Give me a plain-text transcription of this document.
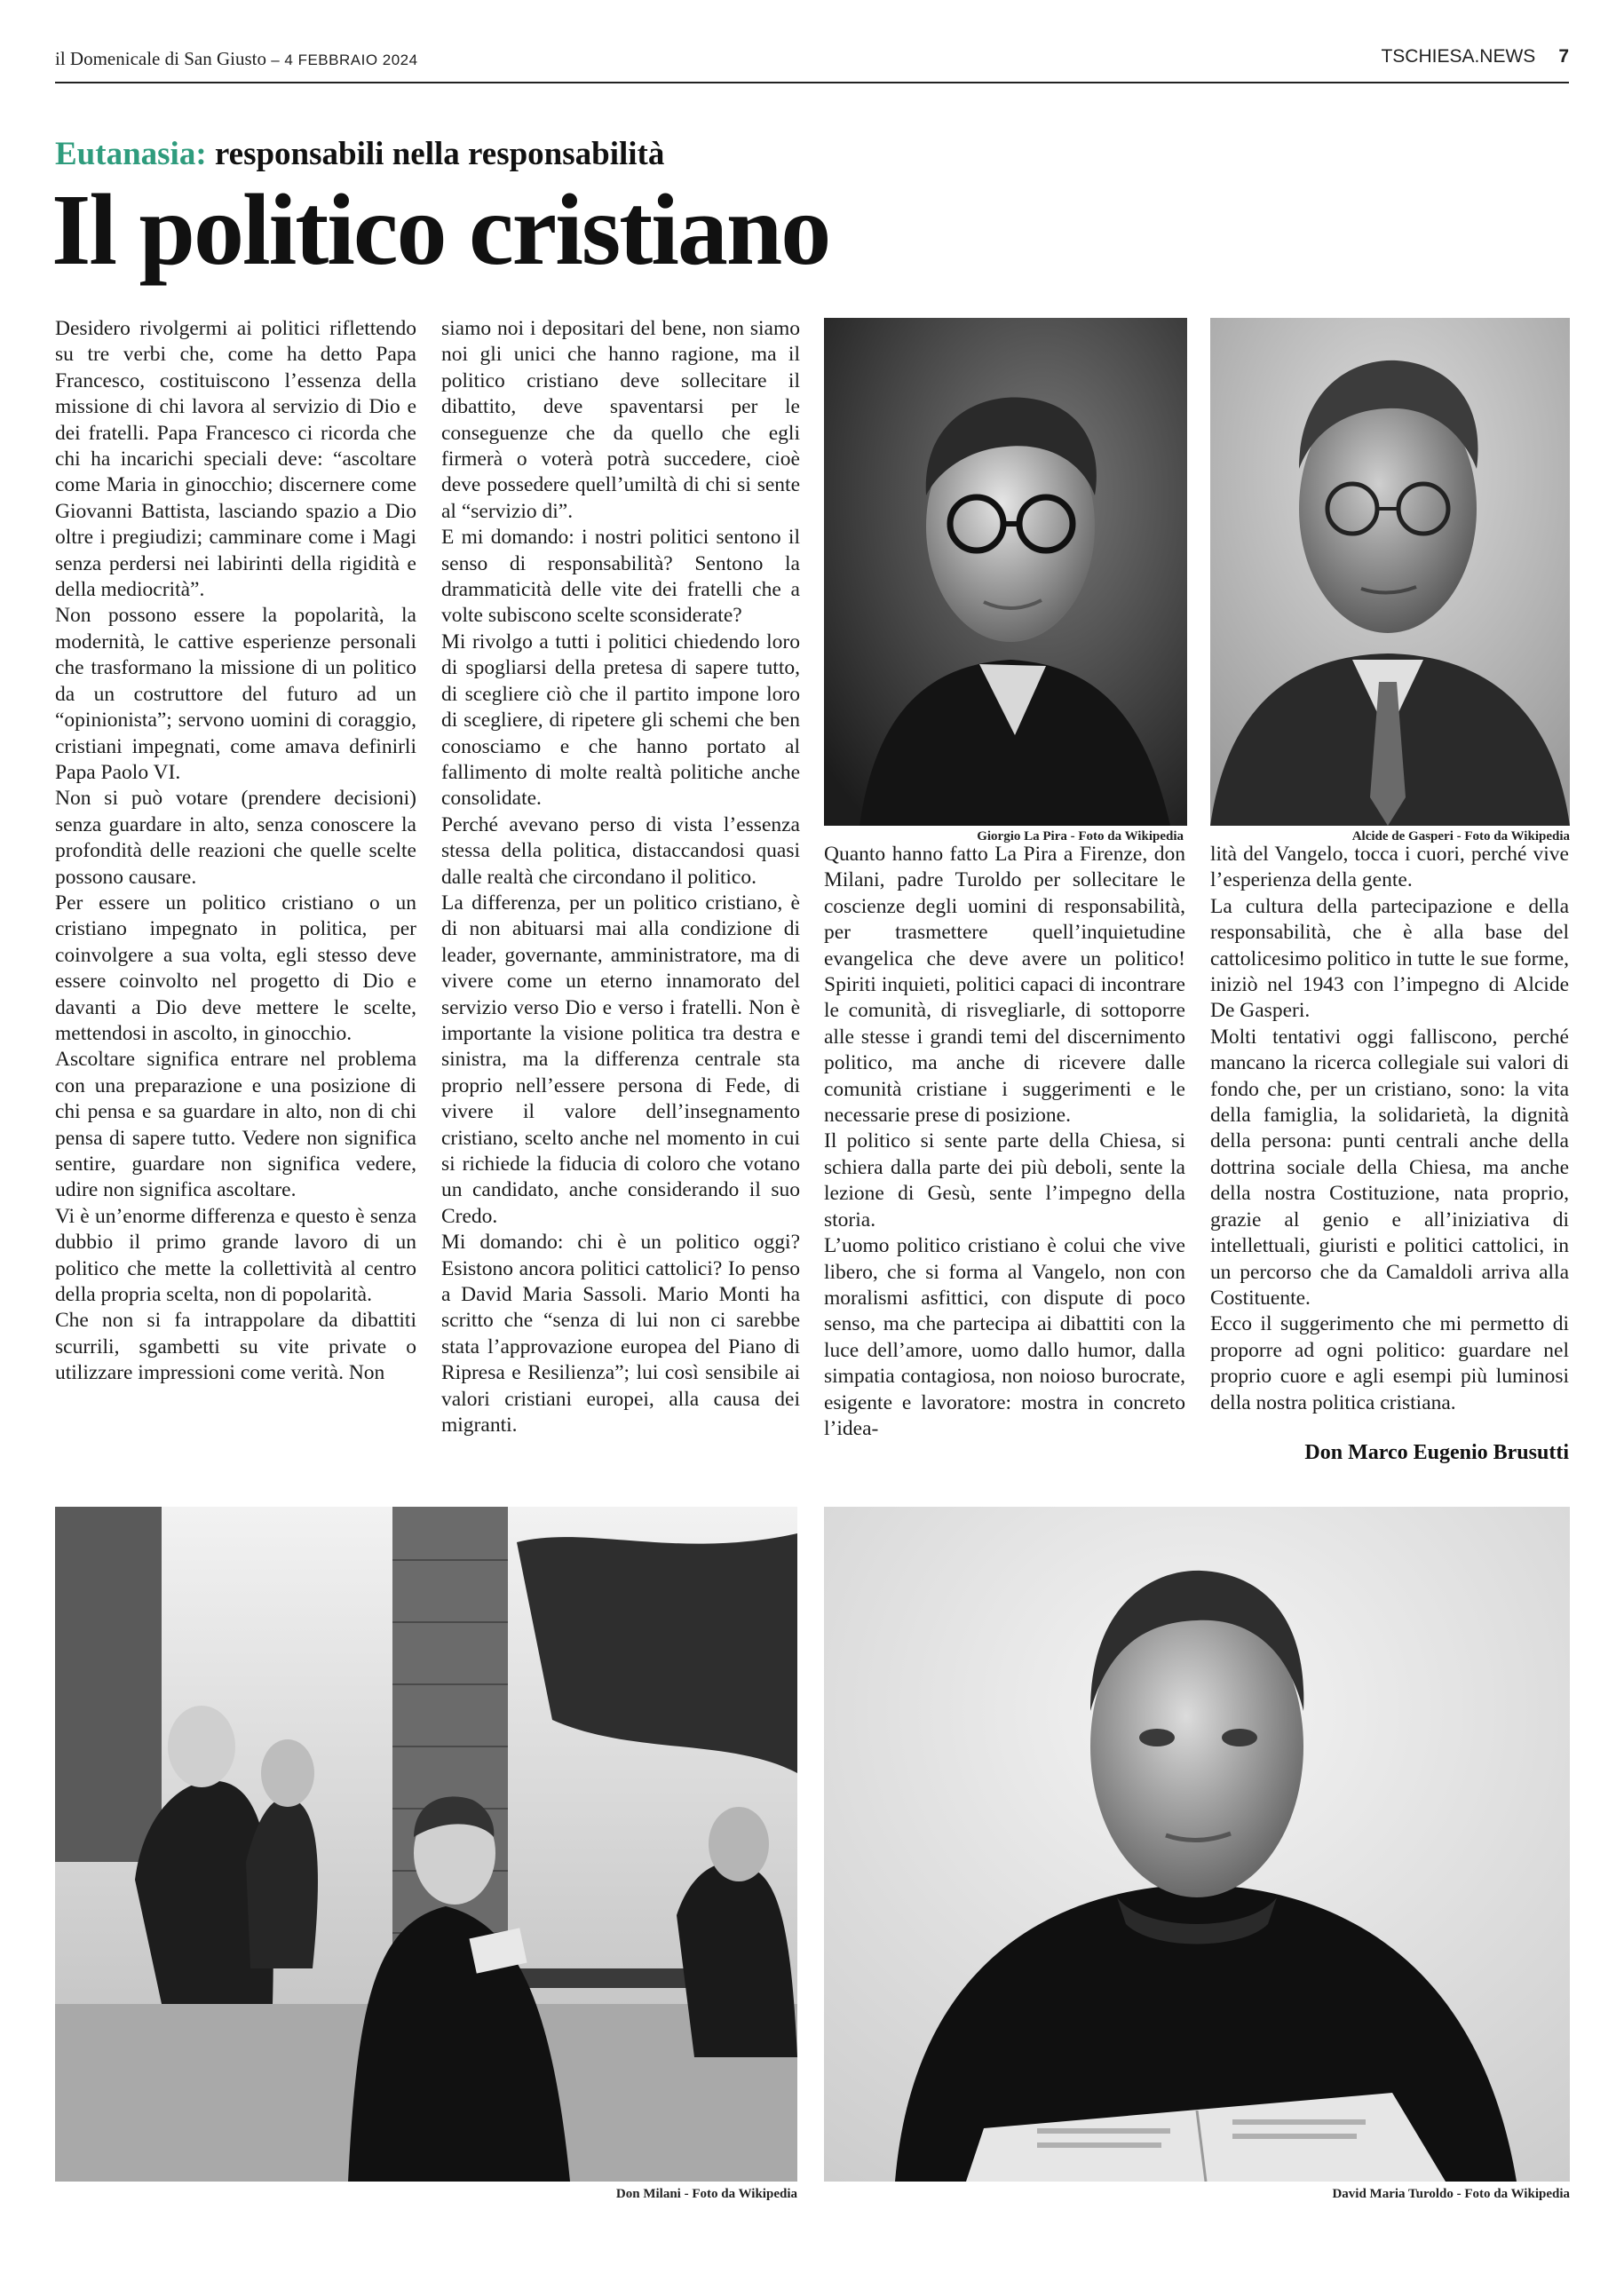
il Domenicale di San Giusto – 4 FEBBRAIO 2024	TSCHIESA.NEWS 7
Eutanasia: responsabili nella responsabilità
Il politico cristiano

Desidero rivolgermi ai politici riflettendo su tre verbi che, come ha detto Papa Francesco, costituiscono l’essenza della missione di chi lavora al servizio di Dio e dei fratelli. Papa Francesco ci ricorda che chi ha incarichi speciali deve: “ascoltare come Maria in ginocchio; discernere come Giovanni Battista, lasciando spazio a Dio oltre i pregiudizi; camminare come i Magi senza perdersi nei labirinti della rigidità e della mediocrità”.

Non possono essere la popolarità, la modernità, le cattive esperienze personali che trasformano la missione di un politico da un costruttore del futuro ad un “opinionista”; servono uomini di coraggio, cristiani impegnati, come amava definirli Papa Paolo VI.

Non si può votare (prendere decisioni) senza guardare in alto, senza conoscere la profondità delle reazioni che quelle scelte possono causare.

Per essere un politico cristiano o un cristiano impegnato in politica, per coinvolgere a sua volta, egli stesso deve essere coinvolto nel progetto di Dio e davanti a Dio deve mettere le scelte, mettendosi in ascolto, in ginocchio.

Ascoltare significa entrare nel problema con una preparazione e una posizione di chi pensa e sa guardare in alto, non di chi pensa di sapere tutto. Vedere non significa sentire, guardare non significa vedere, udire non significa ascoltare.

Vi è un’enorme differenza e questo è senza dubbio il primo grande lavoro di un politico che mette la collettività al centro della propria scelta, non di popolarità.

Che non si fa intrappolare da dibattiti scurrili, sgambetti su vite private o utilizzare impressioni come verità. Non

siamo noi i depositari del bene, non siamo noi gli unici che hanno ragione, ma il politico cristiano deve sollecitare il dibattito, deve spaventarsi per le conseguenze che da quello che egli firmerà o voterà potrà succedere, cioè deve possedere quell’umiltà di chi si sente al “servizio di”.

E mi domando: i nostri politici sentono il senso di responsabilità? Sentono la drammaticità delle vite dei fratelli che a volte subiscono scelte sconsiderate?

Mi rivolgo a tutti i politici chiedendo loro di spogliarsi della pretesa di sapere tutto, di scegliere ciò che il partito impone loro di scegliere, di ripetere gli schemi che ben conosciamo e che hanno portato al fallimento di molte realtà politiche anche consolidate.

Perché avevano perso di vista l’essenza stessa della politica, distaccandosi quasi dalle realtà che circondano il politico.

La differenza, per un politico cristiano, è di non abituarsi mai alla condizione di leader, governante, amministratore, ma di vivere come un eterno innamorato del servizio verso Dio e verso i fratelli. Non è importante la visione politica tra destra e sinistra, ma la differenza centrale sta proprio nell’essere persona di Fede, di vivere il valore dell’insegnamento cristiano, scelto anche nel momento in cui si richiede la fiducia di coloro che votano un candidato, anche considerando il suo Credo.

Mi domando: chi è un politico oggi? Esistono ancora politici cattolici? Io penso a David Maria Sassoli. Mario Monti ha scritto che “senza di lui non ci sarebbe stata l’approvazione europea del Piano di Ripresa e Resilienza”; lui così sensibile ai valori cristiani europei, alla causa dei migranti.

Quanto hanno fatto La Pira a Firenze, don Milani, padre Turoldo per sollecitare le coscienze degli uomini di responsabilità, per trasmettere quell’inquietudine evangelica che deve avere un politico! Spiriti inquieti, politici capaci di incontrare le comunità, di risvegliarle, di sottoporre alle stesse i grandi temi del discernimento politico, ma anche di ricevere dalle comunità cristiane i suggerimenti e le necessarie prese di posizione.

Il politico si sente parte della Chiesa, si schiera dalla parte dei più deboli, sente la lezione di Gesù, sente l’impegno della storia.

L’uomo politico cristiano è colui che vive libero, che si forma al Vangelo, non con moralismi asfittici, con dispute di poco senso, ma che partecipa ai dibattiti con la luce dell’amore, uomo dallo humor, dalla simpatia contagiosa, non noioso burocrate, esigente e lavoratore: mostra in concreto l’idea-

lità del Vangelo, tocca i cuori, perché vive l’esperienza della gente.

La cultura della partecipazione e della responsabilità, che è alla base del cattolicesimo politico in tutte le sue forme, iniziò nel 1943 con l’impegno di Alcide De Gasperi.

Molti tentativi oggi falliscono, perché mancano la ricerca collegiale sui valori di fondo che, per un cristiano, sono: la vita della famiglia, la solidarietà, la dignità della persona: punti centrali anche della dottrina sociale della Chiesa, ma anche della nostra Costituzione, nata proprio, grazie al genio e all’iniziativa di intellettuali, giuristi e politici cattolici, in un percorso che da Camaldoli arriva alla Costituente.

Ecco il suggerimento che mi permetto di proporre ad ogni politico: guardare nel proprio cuore e agli esempi più luminosi della nostra politica cristiana.

Don Marco Eugenio Brusutti
Giorgio La Pira - Foto da Wikipedia	Alcide de Gasperi - Foto da Wikipedia
Don Milani - Foto da Wikipedia	David Maria Turoldo - Foto da Wikipedia
